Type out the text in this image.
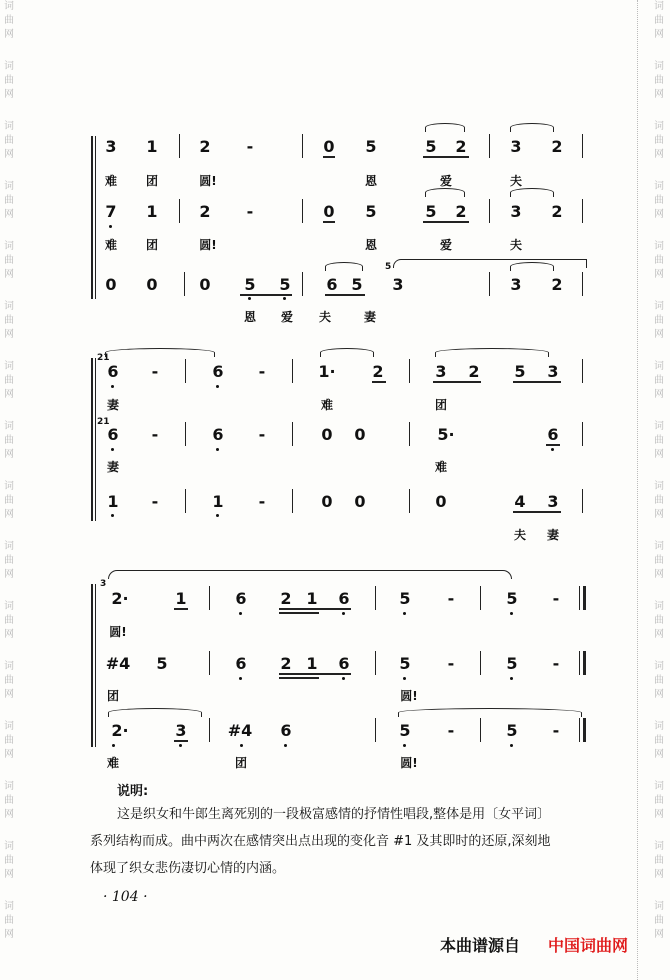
词
曲
网
词
曲
网
词
曲
网
词
曲
网
词
曲
网
词
曲
网
词
曲
网
词
曲
网
词
曲
网
词
曲
网
词
曲
网
词
曲
网
词
曲
网
词
曲
网
词
曲
网
词
曲
网
词
曲
网
词
曲
网
词
曲
网
词
曲
网
词
曲
网
词
曲
网
词
曲
网
词
曲
网
词
曲
网
词
曲
网
词
曲
网
词
曲
网
词
曲
网
词
曲
网
词
曲
网
词
曲
网
3 1	2 -	0 5	5 2	3 2
难 团	圆!	恩	爱	夫
7 1	2 -	0 5	5 2	3 2
难 团	圆!	恩	爱	夫
0 0	0 5 5 6 5
5
3	3 2
恩 爱 夫	妻
21
6 -	6 -	1· 2	3 2 5 3
妻	难	团
21
6 -	6 -	0 0	5·	6
妻	难
1 -	1 -	0 0	0	4 3
夫 妻
3
2·	1	6 2 1 6	5 -	5 -
圆!
#4 5	6 2 1 6	5 -	5 -
团	圆!
2·	3	#4 6	5 -	5 -
难	团	圆!
说明:
这是织女和牛郎生离死别的一段极富感情的抒情性唱段,整体是用〔女平词〕
系列结构而成。曲中两次在感情突出点出现的变化音 #1 及其即时的还原,深刻地
体现了织女悲伤凄切心情的内涵。
· 104 ·
本曲谱源自 中国词曲网
